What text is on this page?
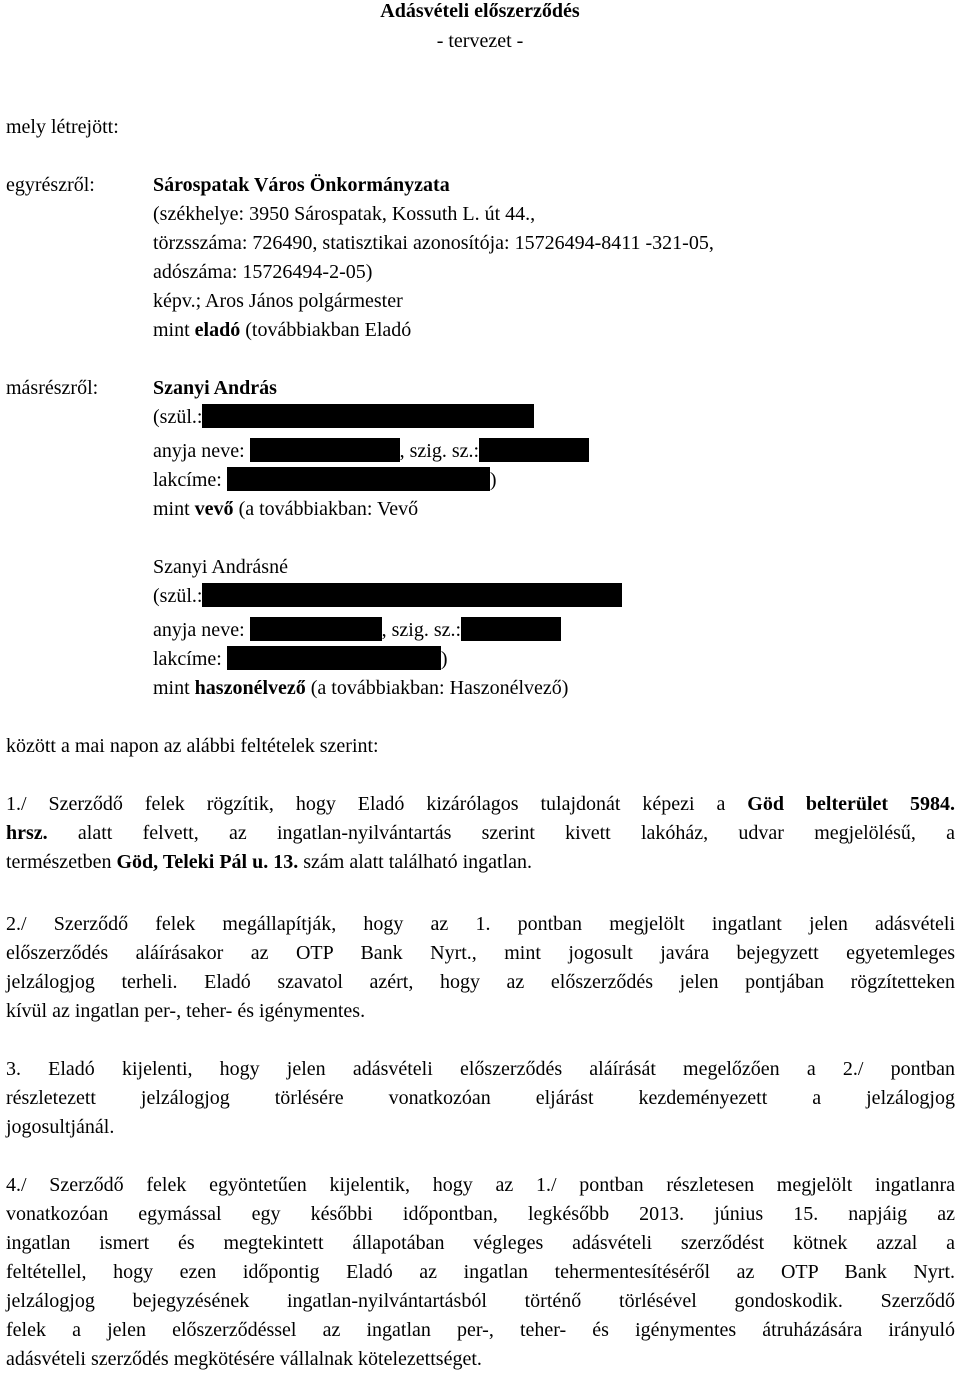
Adásvételi előszerződés
- tervezet -
mely létrejött:
egyrészről:	Sárospatak Város Önkormányzata
(székhelye: 3950 Sárospatak, Kossuth L. út 44.,
törzsszáma: 726490, statisztikai azonosítója: 15726494-8411 -321-05,
adószáma: 15726494-2-05)
képv.; Aros János polgármester
mint eladó (továbbiakban Eladó
másrészről:	Szanyi András
(szül.:
anyja neve:	, szig. sz.:
lakcíme:	)
mint vevő (a továbbiakban: Vevő
Szanyi Andrásné
(szül.:
anyja neve:	, szig. sz.:
lakcíme:	)
mint haszonélvező (a továbbiakban: Haszonélvező)
között a mai napon az alábbi feltételek szerint:
1./ Szerződő felek rögzítik, hogy Eladó kizárólagos tulajdonát képezi a Göd belterület 5984.
hrsz. alatt felvett, az ingatlan-nyilvántartás szerint kivett lakóház, udvar megjelölésű, a
természetben Göd, Teleki Pál u. 13. szám alatt található ingatlan.
2./ Szerződő felek megállapítják, hogy az 1. pontban megjelölt ingatlant jelen adásvételi
előszerződés aláírásakor az OTP Bank Nyrt., mint jogosult javára bejegyzett egyetemleges
jelzálogjog terheli. Eladó szavatol azért, hogy az előszerződés jelen pontjában rögzítetteken
kívül az ingatlan per-, teher- és igénymentes.
3. Eladó kijelenti, hogy jelen adásvételi előszerződés aláírását megelőzően a 2./ pontban
részletezett jelzálogjog törlésére vonatkozóan eljárást kezdeményezett a jelzálogjog
jogosultjánál.
4./ Szerződő felek egyöntetűen kijelentik, hogy az 1./ pontban részletesen megjelölt ingatlanra
vonatkozóan egymással egy későbbi időpontban, legkésőbb 2013. június 15. napjáig az
ingatlan ismert és megtekintett állapotában végleges adásvételi szerződést kötnek azzal a
feltétellel, hogy ezen időpontig Eladó az ingatlan tehermentesítéséről az OTP Bank Nyrt.
jelzálogjog bejegyzésének ingatlan-nyilvántartásból történő törlésével gondoskodik. Szerződő
felek a jelen előszerződéssel az ingatlan per-, teher- és igénymentes átruházására irányuló
adásvételi szerződés megkötésére vállalnak kötelezettséget.
